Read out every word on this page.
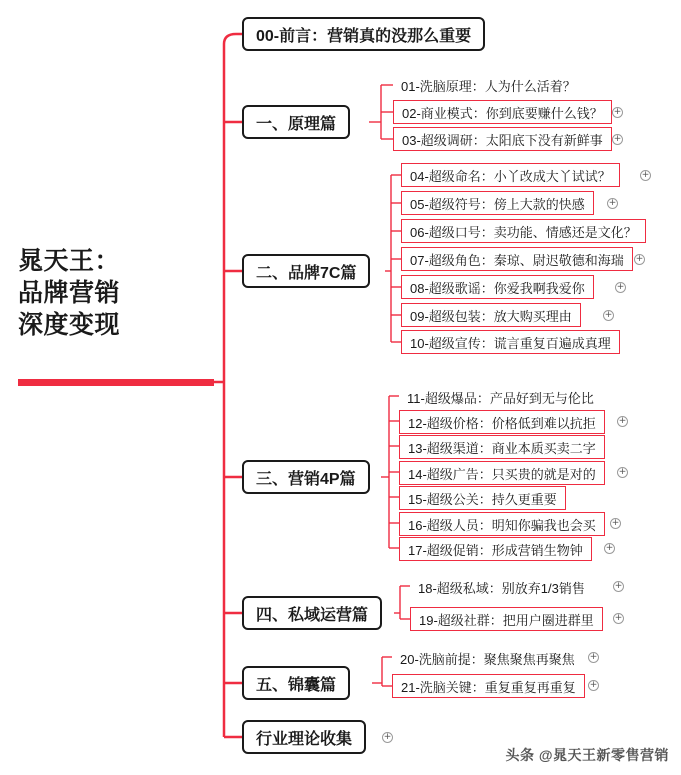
晁天王：
品牌营销
深度变现
00-前言：营销真的没那么重要
一、原理篇
01-洗脑原理：人为什么活着？
02-商业模式：你到底要赚什么钱？ +
03-超级调研：太阳底下没有新鲜事 +
二、品牌7C篇
04-超级命名：小丫改成大丫试试？	+
05-超级符号：傍上大款的快感	+
06-超级口号：卖功能、情感还是文化？
07-超级角色：秦琼、尉迟敬德和海瑞 +
08-超级歌谣：你爱我啊我爱你	+
09-超级包装：放大购买理由	+
10-超级宣传：谎言重复百遍成真理
三、营销4P篇
11-超级爆品：产品好到无与伦比
12-超级价格：价格低到难以抗拒	+
13-超级渠道：商业本质买卖二字
14-超级广告：只买贵的就是对的	+
15-超级公关：持久更重要
16-超级人员：明知你骗我也会买 +
17-超级促销：形成营销生物钟	+
四、私域运营篇
18-超级私域：别放弃1/3销售	+
19-超级社群：把用户圈进群里 +
五、锦囊篇
20-洗脑前提：聚焦聚焦再聚焦 +
21-洗脑关键：重复重复再重复 +
行业理论收集	+
头条 @晁天王新零售营销
